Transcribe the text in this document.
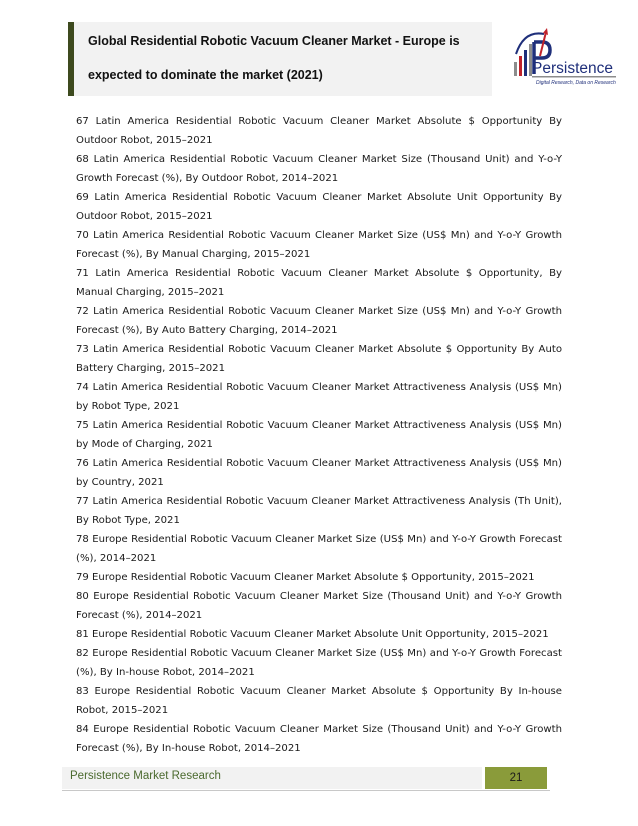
Global Residential Robotic Vacuum Cleaner Market - Europe is
expected to dominate the market (2021)	Persistence
Digital Research, Data on Research
67 Latin America Residential Robotic Vacuum Cleaner Market Absolute $ Opportunity By Outdoor Robot, 2015–2021
68 Latin America Residential Robotic Vacuum Cleaner Market Size (Thousand Unit) and Y-o-Y Growth Forecast (%), By Outdoor Robot, 2014–2021
69 Latin America Residential Robotic Vacuum Cleaner Market Absolute Unit Opportunity By Outdoor Robot, 2015–2021
70 Latin America Residential Robotic Vacuum Cleaner Market Size (US$ Mn) and Y-o-Y Growth Forecast (%), By Manual Charging, 2015–2021
71 Latin America Residential Robotic Vacuum Cleaner Market Absolute $ Opportunity, By Manual Charging, 2015–2021
72 Latin America Residential Robotic Vacuum Cleaner Market Size (US$ Mn) and Y-o-Y Growth Forecast (%), By Auto Battery Charging, 2014–2021
73 Latin America Residential Robotic Vacuum Cleaner Market Absolute $ Opportunity By Auto Battery Charging, 2015–2021
74 Latin America Residential Robotic Vacuum Cleaner Market Attractiveness Analysis (US$ Mn) by Robot Type, 2021
75 Latin America Residential Robotic Vacuum Cleaner Market Attractiveness Analysis (US$ Mn) by Mode of Charging, 2021
76 Latin America Residential Robotic Vacuum Cleaner Market Attractiveness Analysis (US$ Mn) by Country, 2021
77 Latin America Residential Robotic Vacuum Cleaner Market Attractiveness Analysis (Th Unit), By Robot Type, 2021
78 Europe Residential Robotic Vacuum Cleaner Market Size (US$ Mn) and Y-o-Y Growth Forecast (%), 2014–2021
79 Europe Residential Robotic Vacuum Cleaner Market Absolute $ Opportunity, 2015–2021
80 Europe Residential Robotic Vacuum Cleaner Market Size (Thousand Unit) and Y-o-Y Growth Forecast (%), 2014–2021
81 Europe Residential Robotic Vacuum Cleaner Market Absolute Unit Opportunity, 2015–2021
82 Europe Residential Robotic Vacuum Cleaner Market Size (US$ Mn) and Y-o-Y Growth Forecast (%), By In-house Robot, 2014–2021
83 Europe Residential Robotic Vacuum Cleaner Market Absolute $ Opportunity By In-house Robot, 2015–2021
84 Europe Residential Robotic Vacuum Cleaner Market Size (Thousand Unit) and Y-o-Y Growth Forecast (%), By In-house Robot, 2014–2021
Persistence Market Research	21
